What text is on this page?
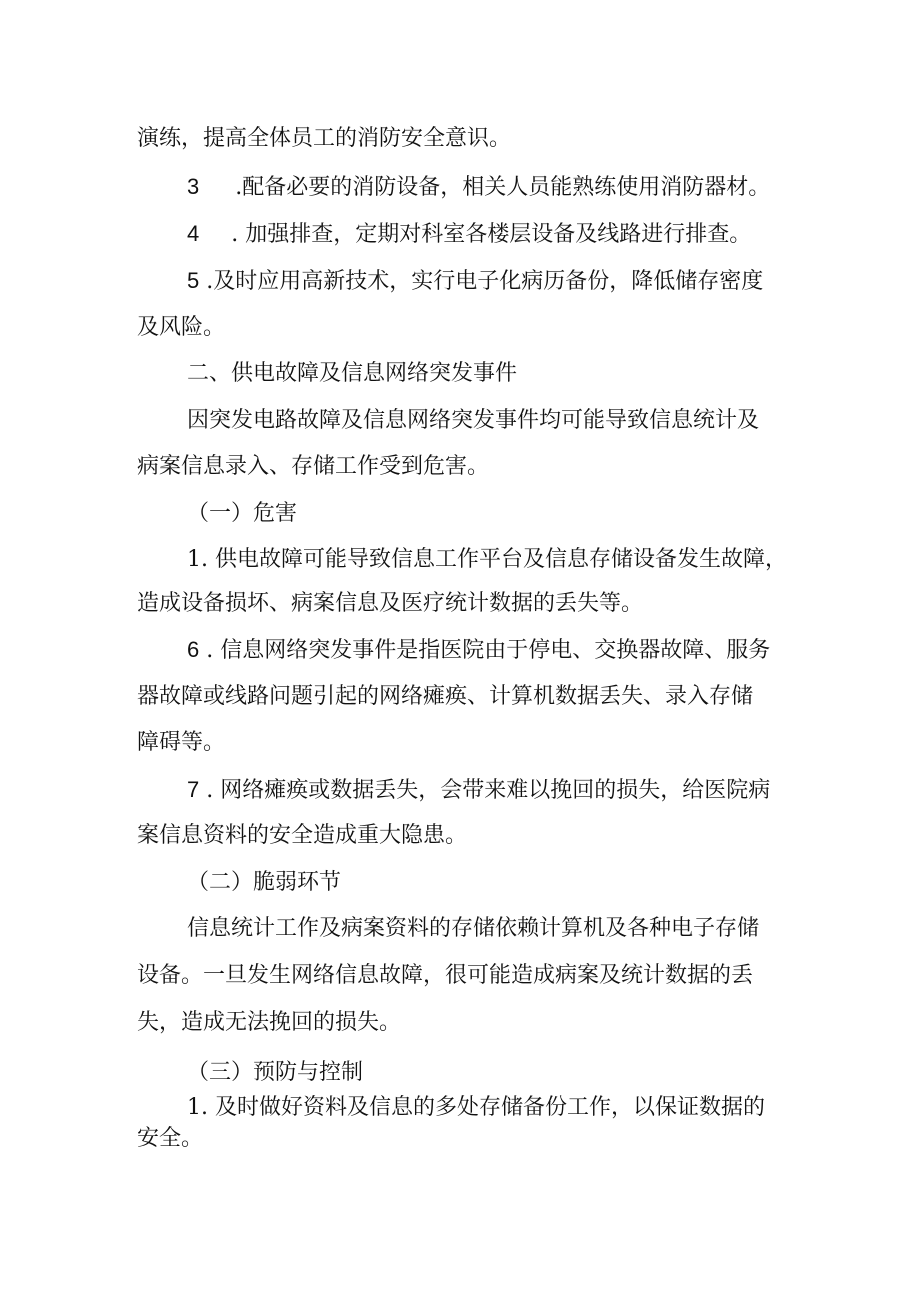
演练，提高全体员工的消防安全意识。
3 .配备必要的消防设备，相关人员能熟练使用消防器材。
4 . 加强排查，定期对科室各楼层设备及线路进行排查。
5 .及时应用高新技术，实行电子化病历备份，降低储存密度
及风险。
二、供电故障及信息网络突发事件
因突发电路故障及信息网络突发事件均可能导致信息统计及
病案信息录入、存储工作受到危害。
（一）危害
1. 供电故障可能导致信息工作平台及信息存储设备发生故障，
造成设备损坏、病案信息及医疗统计数据的丢失等。
6 . 信息网络突发事件是指医院由于停电、交换器故障、服务
器故障或线路问题引起的网络瘫痪、计算机数据丢失、录入存储
障碍等。
7 . 网络瘫痪或数据丢失，会带来难以挽回的损失，给医院病
案信息资料的安全造成重大隐患。
（二）脆弱环节
信息统计工作及病案资料的存储依赖计算机及各种电子存储
设备。一旦发生网络信息故障，很可能造成病案及统计数据的丢
失，造成无法挽回的损失。
（三）预防与控制
1. 及时做好资料及信息的多处存储备份工作，以保证数据的
安全。
